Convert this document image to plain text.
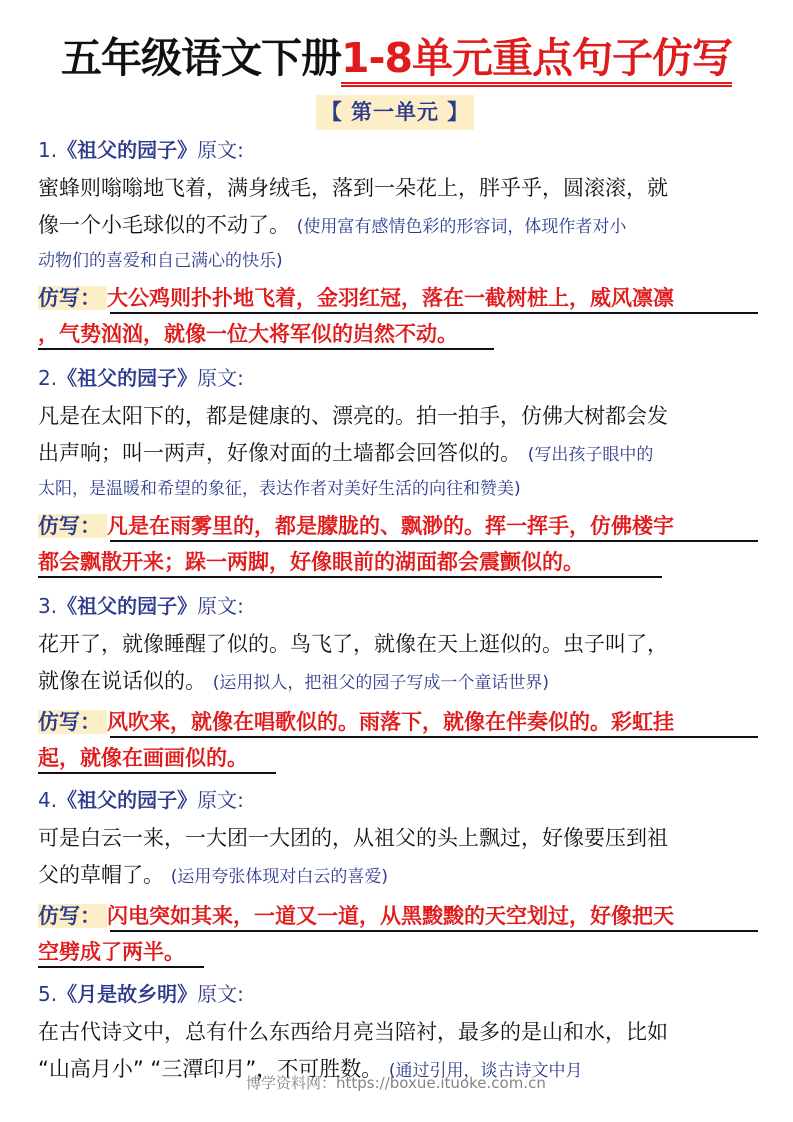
五年级语文下册1-8单元重点句子仿写
【 第一单元 】
1.《祖父的园子》原文:
蜜蜂则嗡嗡地飞着，满身绒毛，落到一朵花上，胖乎乎，圆滚滚，就
像一个小毛球似的不动了。 (使用富有感情色彩的形容词，体现作者对小
动物们的喜爱和自己满心的快乐)
仿写： 大公鸡则扑扑地飞着，金羽红冠，落在一截树桩上，威风凛凛
，气势汹汹，就像一位大将军似的岿然不动。
2.《祖父的园子》原文:
凡是在太阳下的，都是健康的、漂亮的。拍一拍手，仿佛大树都会发
出声响；叫一两声，好像对面的土墙都会回答似的。 (写出孩子眼中的
太阳，是温暖和希望的象征，表达作者对美好生活的向往和赞美)
仿写： 凡是在雨雾里的，都是朦胧的、飘渺的。挥一挥手，仿佛楼宇
都会飘散开来；跺一两脚，好像眼前的湖面都会震颤似的。
3.《祖父的园子》原文:
花开了，就像睡醒了似的。鸟飞了，就像在天上逛似的。虫子叫了，
就像在说话似的。 (运用拟人，把祖父的园子写成一个童话世界)
仿写： 风吹来，就像在唱歌似的。雨落下，就像在伴奏似的。彩虹挂
起，就像在画画似的。
4.《祖父的园子》原文:
可是白云一来，一大团一大团的，从祖父的头上飘过，好像要压到祖
父的草帽了。 (运用夸张体现对白云的喜爱)
仿写： 闪电突如其来，一道又一道，从黑黢黢的天空划过，好像把天
空劈成了两半。
5.《月是故乡明》原文:
在古代诗文中，总有什么东西给月亮当陪衬，最多的是山和水，比如
“山高月小” “三潭印月”，不可胜数。 (通过引用，谈古诗文中月
博学资料网：https://boxue.ituoke.com.cn
